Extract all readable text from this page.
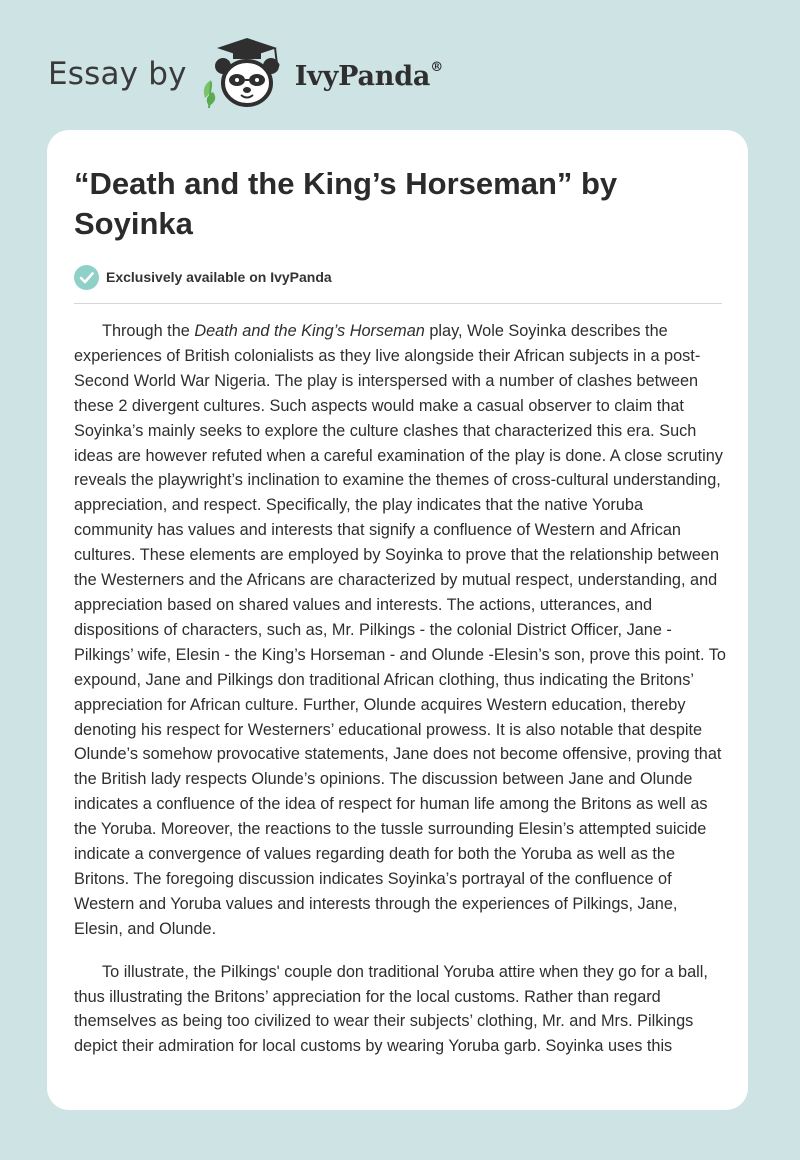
Essay by	IvyPanda®
“Death and the King’s Horseman” by Soyinka
Exclusively available on IvyPanda

Through the Death and the King’s Horseman play, Wole Soyinka describes the experiences of British colonialists as they live alongside their African subjects in a post-Second World War Nigeria. The play is interspersed with a number of clashes between these 2 divergent cultures. Such aspects would make a casual observer to claim that Soyinka’s mainly seeks to explore the culture clashes that characterized this era. Such ideas are however refuted when a careful examination of the play is done. A close scrutiny reveals the playwright’s inclination to examine the themes of cross-cultural understanding, appreciation, and respect. Specifically, the play indicates that the native Yoruba community has values and interests that signify a confluence of Western and African cultures. These elements are employed by Soyinka to prove that the relationship between the Westerners and the Africans are characterized by mutual respect, understanding, and appreciation based on shared values and interests. The actions, utterances, and dispositions of characters, such as, Mr. Pilkings - the colonial District Officer, Jane - Pilkings’ wife, Elesin - the King’s Horseman - and Olunde -Elesin’s son, prove this point. To expound, Jane and Pilkings don traditional African clothing, thus indicating the Britons’ appreciation for African culture. Further, Olunde acquires Western education, thereby denoting his respect for Westerners’ educational prowess. It is also notable that despite Olunde’s somehow provocative statements, Jane does not become offensive, proving that the British lady respects Olunde’s opinions. The discussion between Jane and Olunde indicates a confluence of the idea of respect for human life among the Britons as well as the Yoruba. Moreover, the reactions to the tussle surrounding Elesin’s attempted suicide indicate a convergence of values regarding death for both the Yoruba as well as the Britons. The foregoing discussion indicates Soyinka’s portrayal of the confluence of Western and Yoruba values and interests through the experiences of Pilkings, Jane, Elesin, and Olunde.

To illustrate, the Pilkings' couple don traditional Yoruba attire when they go for a ball, thus illustrating the Britons’ appreciation for the local customs. Rather than regard themselves as being too civilized to wear their subjects’ clothing, Mr. and Mrs. Pilkings depict their admiration for local customs by wearing Yoruba garb. Soyinka uses this
